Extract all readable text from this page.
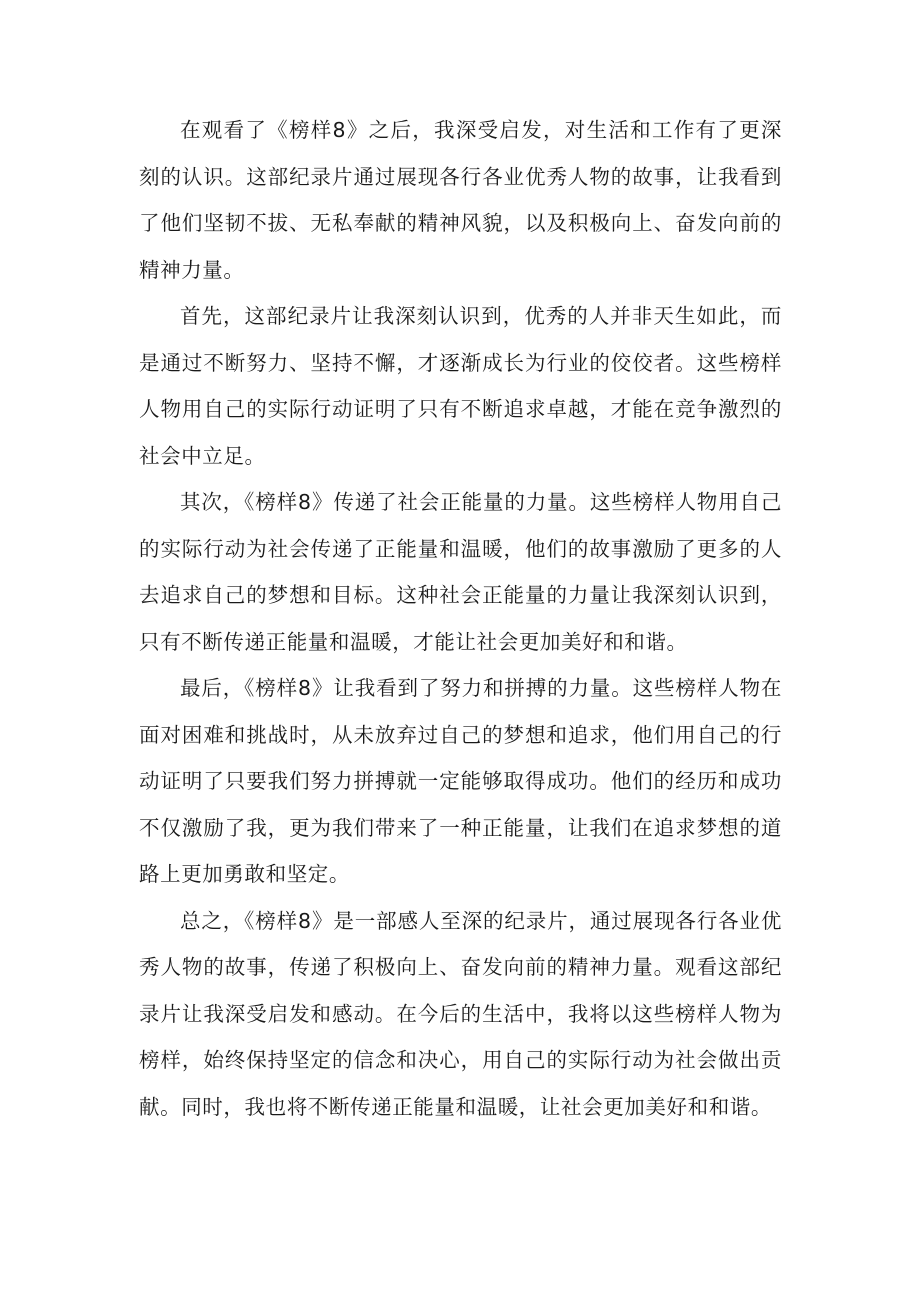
在观看了《榜样8》之后，我深受启发，对生活和工作有了更深刻的认识。这部纪录片通过展现各行各业优秀人物的故事，让我看到了他们坚韧不拔、无私奉献的精神风貌，以及积极向上、奋发向前的精神力量。

首先，这部纪录片让我深刻认识到，优秀的人并非天生如此，而是通过不断努力、坚持不懈，才逐渐成长为行业的佼佼者。这些榜样人物用自己的实际行动证明了只有不断追求卓越，才能在竞争激烈的社会中立足。

其次，《榜样8》传递了社会正能量的力量。这些榜样人物用自己的实际行动为社会传递了正能量和温暖，他们的故事激励了更多的人去追求自己的梦想和目标。这种社会正能量的力量让我深刻认识到，只有不断传递正能量和温暖，才能让社会更加美好和和谐。

最后，《榜样8》让我看到了努力和拼搏的力量。这些榜样人物在面对困难和挑战时，从未放弃过自己的梦想和追求，他们用自己的行动证明了只要我们努力拼搏就一定能够取得成功。他们的经历和成功不仅激励了我，更为我们带来了一种正能量，让我们在追求梦想的道路上更加勇敢和坚定。

总之，《榜样8》是一部感人至深的纪录片，通过展现各行各业优秀人物的故事，传递了积极向上、奋发向前的精神力量。观看这部纪录片让我深受启发和感动。在今后的生活中，我将以这些榜样人物为榜样，始终保持坚定的信念和决心，用自己的实际行动为社会做出贡献。同时，我也将不断传递正能量和温暖，让社会更加美好和和谐。
